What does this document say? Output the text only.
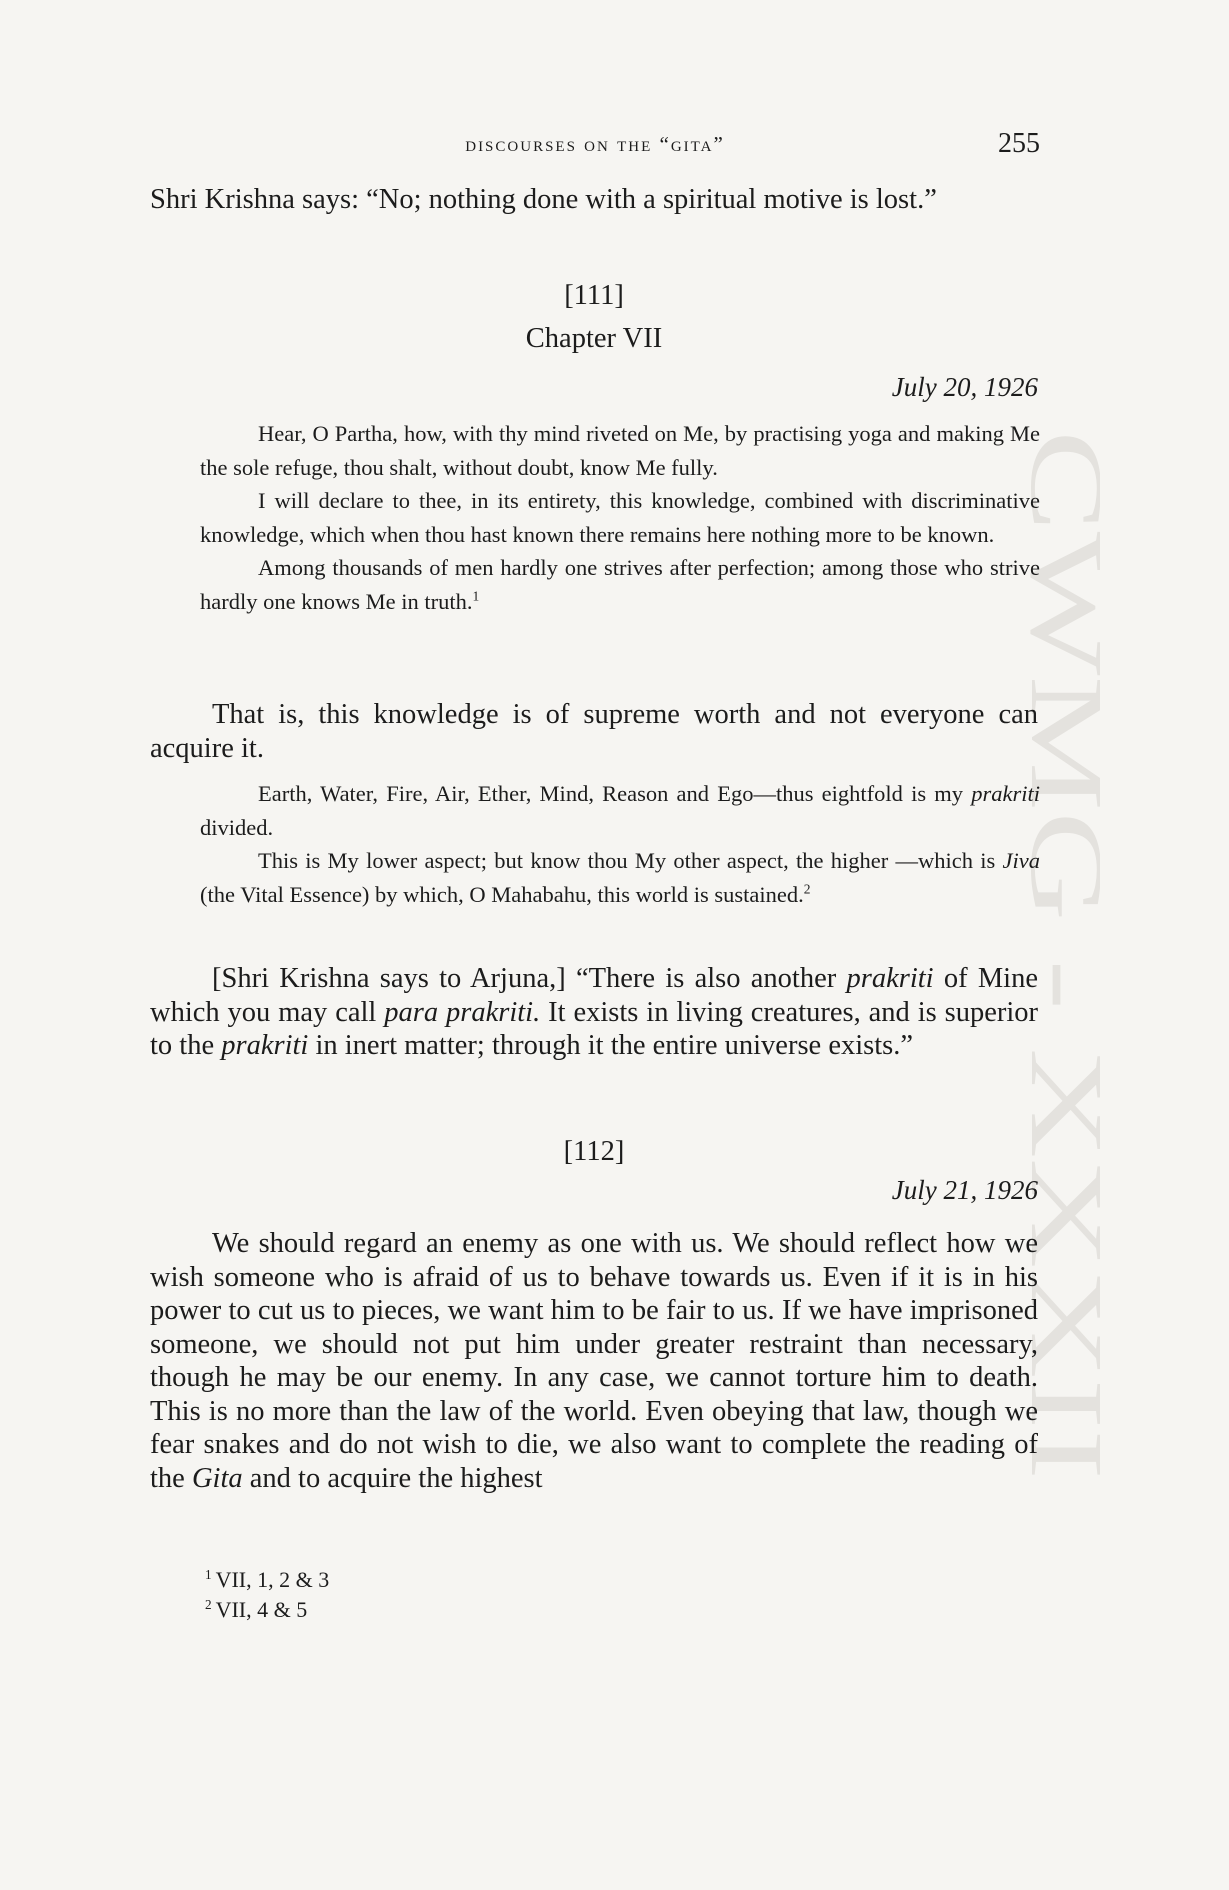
CWMG XXXII
discourses on the “gita”	255

Shri Krishna says: “No; nothing done with a spiritual motive is lost.”

[111]
Chapter VII
July 20, 1926

Hear, O Partha, how, with thy mind riveted on Me, by practising yoga and making Me the sole refuge, thou shalt, without doubt, know Me fully.

I will declare to thee, in its entirety, this knowledge, combined with discriminative knowledge, which when thou hast known there remains here nothing more to be known.

Among thousands of men hardly one strives after perfection; among those who strive hardly one knows Me in truth.$^1$

That is, this knowledge is of supreme worth and not everyone can acquire it.

Earth, Water, Fire, Air, Ether, Mind, Reason and Ego—thus eightfold is my prakriti divided.

This is My lower aspect; but know thou My other aspect, the higher —which is Jiva (the Vital Essence) by which, O Mahabahu, this world is sustained.$^2$

[Shri Krishna says to Arjuna,] “There is also another prakriti of Mine which you may call para prakriti. It exists in living creatures, and is superior to the prakriti in inert matter; through it the entire universe exists.”

[112]
July 21, 1926

We should regard an enemy as one with us. We should reflect how we wish someone who is afraid of us to behave towards us. Even if it is in his power to cut us to pieces, we want him to be fair to us. If we have imprisoned someone, we should not put him under greater restraint than necessary, though he may be our enemy. In any case, we cannot torture him to death. This is no more than the law of the world. Even obeying that law, though we fear snakes and do not wish to die, we also want to complete the reading of the Gita and to acquire the highest

$^1$ VII, 1, 2 & 3
$^2$ VII, 4 & 5
